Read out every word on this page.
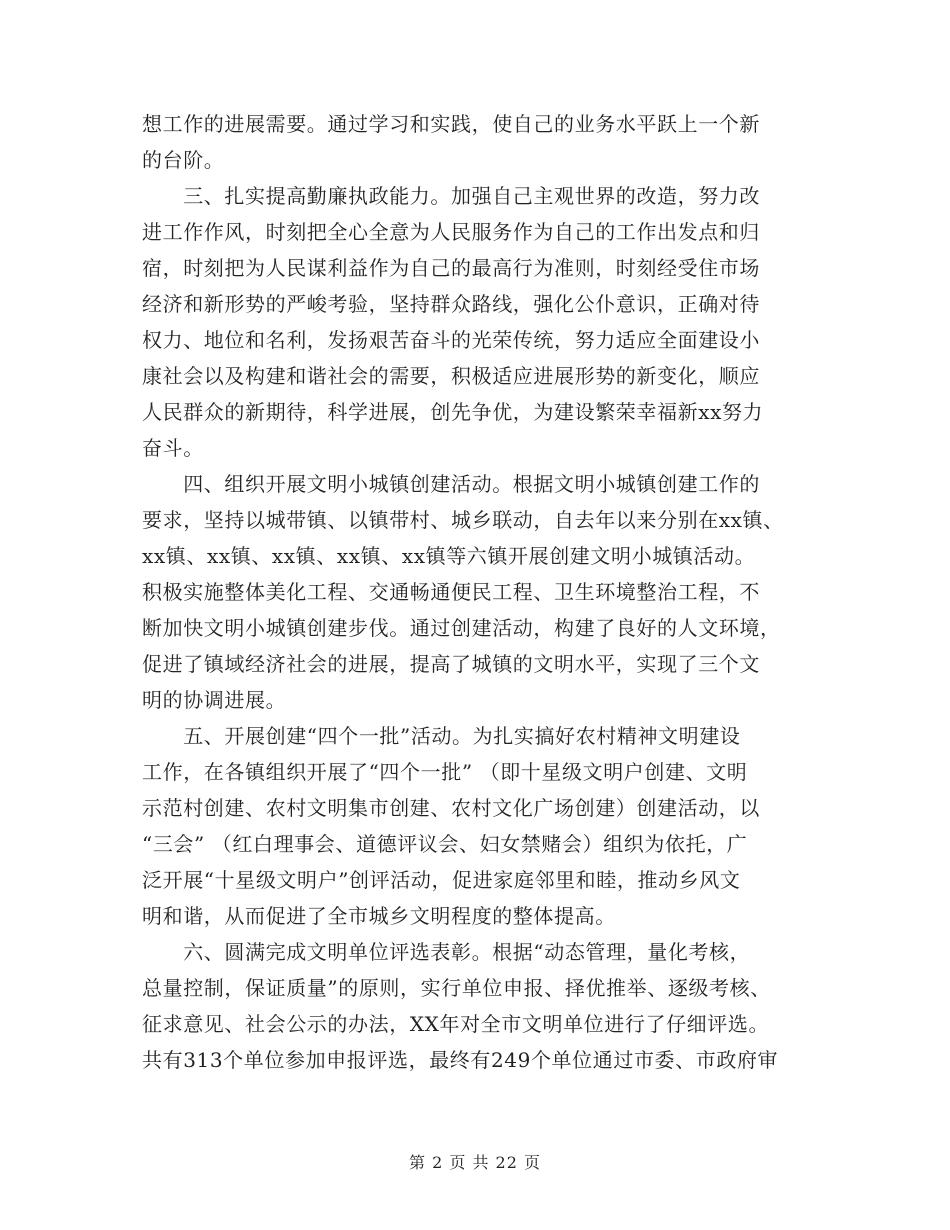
想工作的进展需要。通过学习和实践，使自己的业务水平跃上一个新
的台阶。
　　三、扎实提高勤廉执政能力。加强自己主观世界的改造，努力改
进工作作风，时刻把全心全意为人民服务作为自己的工作出发点和归
宿，时刻把为人民谋利益作为自己的最高行为准则，时刻经受住市场
经济和新形势的严峻考验，坚持群众路线，强化公仆意识，正确对待
权力、地位和名利，发扬艰苦奋斗的光荣传统，努力适应全面建设小
康社会以及构建和谐社会的需要，积极适应进展形势的新变化，顺应
人民群众的新期待，科学进展，创先争优，为建设繁荣幸福新xx努力
奋斗。
　　四、组织开展文明小城镇创建活动。根据文明小城镇创建工作的
要求，坚持以城带镇、以镇带村、城乡联动，自去年以来分别在xx镇、
xx镇、xx镇、xx镇、xx镇、xx镇等六镇开展创建文明小城镇活动。
积极实施整体美化工程、交通畅通便民工程、卫生环境整治工程，不
断加快文明小城镇创建步伐。通过创建活动，构建了良好的人文环境，
促进了镇域经济社会的进展，提高了城镇的文明水平，实现了三个文
明的协调进展。
　　五、开展创建“四个一批”活动。为扎实搞好农村精神文明建设
工作，在各镇组织开展了“四个一批” （即十星级文明户创建、文明
示范村创建、农村文明集市创建、农村文化广场创建）创建活动，以
“三会” （红白理事会、道德评议会、妇女禁赌会）组织为依托，广
泛开展“十星级文明户”创评活动，促进家庭邻里和睦，推动乡风文
明和谐，从而促进了全市城乡文明程度的整体提高。
　　六、圆满完成文明单位评选表彰。根据“动态管理，量化考核，
总量控制，保证质量”的原则，实行单位申报、择优推举、逐级考核、
征求意见、社会公示的办法，XX年对全市文明单位进行了仔细评选。
共有313个单位参加申报评选，最终有249个单位通过市委、市政府审
第 2 页 共 22 页
